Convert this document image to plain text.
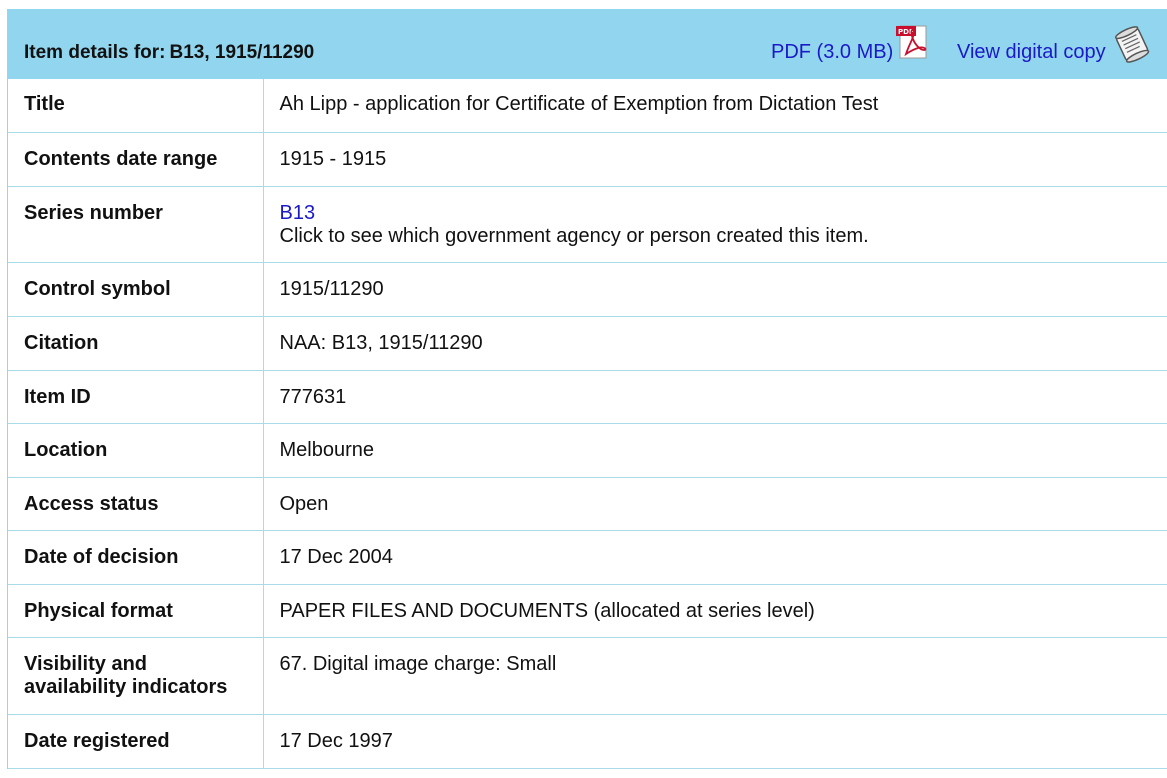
Item details for: B13, 1915/11290	PDF (3.0 MB)
PDF
View digital copy
Title	Ah Lipp - application for Certificate of Exemption from Dictation Test

Contents date range	1915 - 1915

Series number	B13
Click to see which government agency or person created this item.

Control symbol	1915/11290

Citation	NAA: B13, 1915/11290

Item ID	777631

Location	Melbourne

Access status	Open

Date of decision	17 Dec 2004

Physical format	PAPER FILES AND DOCUMENTS (allocated at series level)

Visibility and
availability indicators	67. Digital image charge: Small

Date registered	17 Dec 1997
